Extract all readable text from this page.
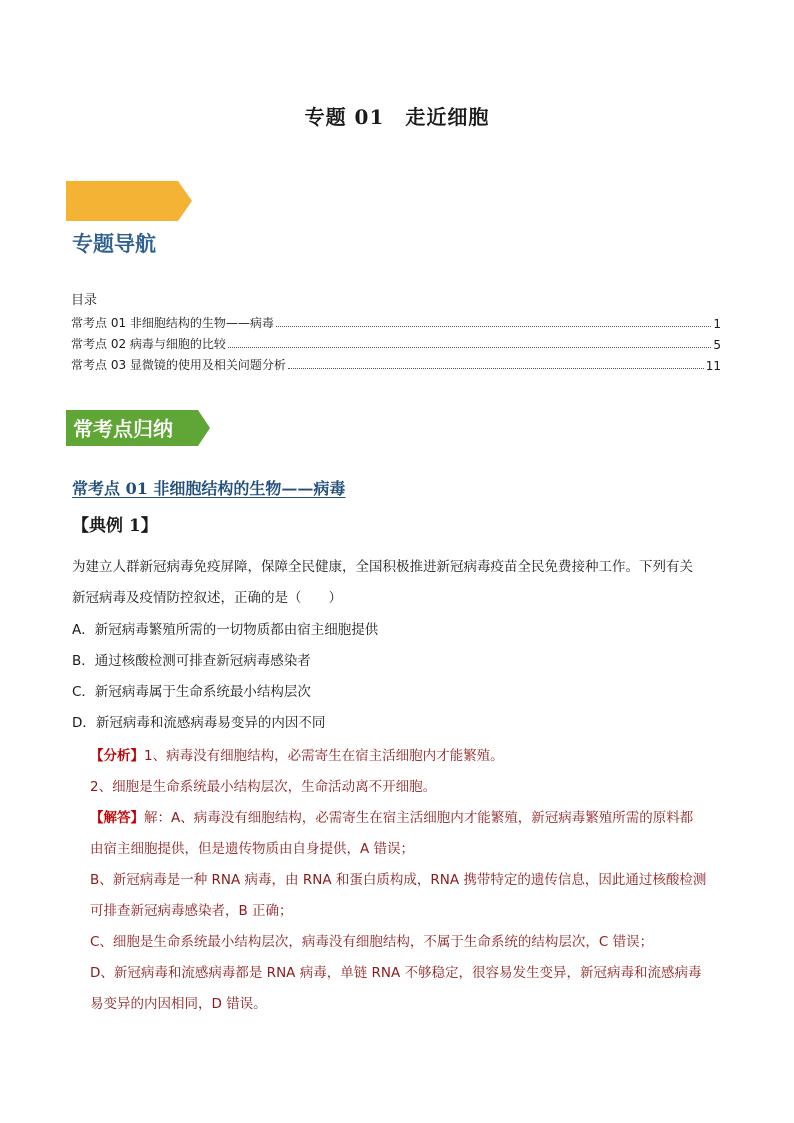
专题 01　走近细胞
专题导航
目录
常考点 01 非细胞结构的生物——病毒	1
常考点 02 病毒与细胞的比较	5
常考点 03 显微镜的使用及相关问题分析	11
常考点归纳
常考点 01 非细胞结构的生物——病毒
【典例 1】
为建立人群新冠病毒免疫屏障，保障全民健康，全国积极推进新冠病毒疫苗全民免费接种工作。下列有关
新冠病毒及疫情防控叙述，正确的是（　　）
A．新冠病毒繁殖所需的一切物质都由宿主细胞提供
B．通过核酸检测可排查新冠病毒感染者
C．新冠病毒属于生命系统最小结构层次
D．新冠病毒和流感病毒易变异的内因不同
【分析】1、病毒没有细胞结构，必需寄生在宿主活细胞内才能繁殖。
2、细胞是生命系统最小结构层次，生命活动离不开细胞。
【解答】解：A、病毒没有细胞结构，必需寄生在宿主活细胞内才能繁殖，新冠病毒繁殖所需的原料都
由宿主细胞提供，但是遗传物质由自身提供，A 错误；
B、新冠病毒是一种 RNA 病毒，由 RNA 和蛋白质构成，RNA 携带特定的遗传信息，因此通过核酸检测
可排查新冠病毒感染者，B 正确；
C、细胞是生命系统最小结构层次，病毒没有细胞结构，不属于生命系统的结构层次，C 错误；
D、新冠病毒和流感病毒都是 RNA 病毒，单链 RNA 不够稳定，很容易发生变异，新冠病毒和流感病毒
易变异的内因相同，D 错误。
